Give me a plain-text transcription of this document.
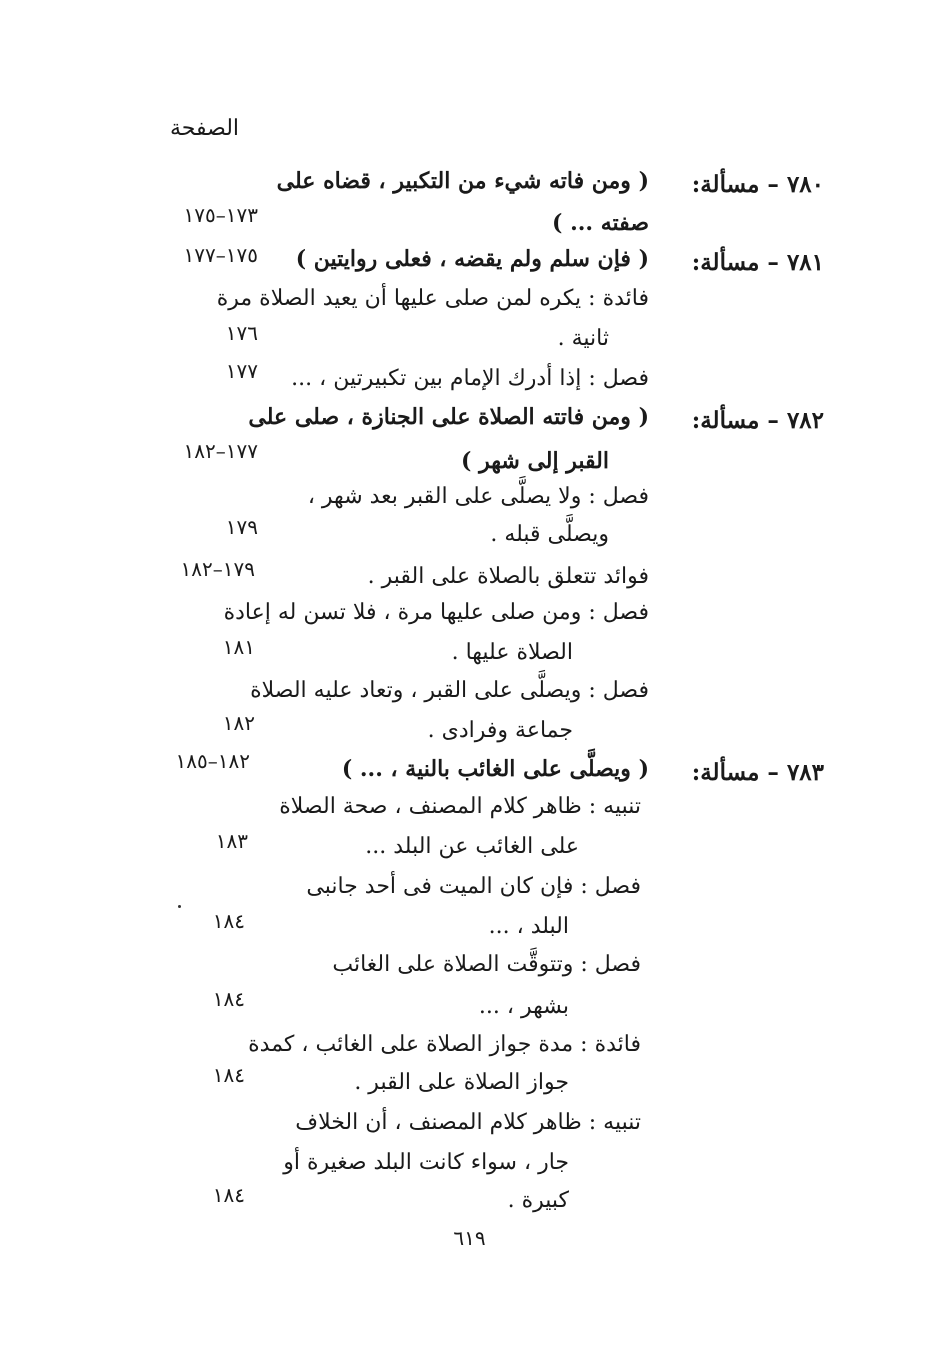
الصفحة
٧٨٠ – مسألة:
( ومن فاته شيء من التكبير ، قضاه على
صفته ... )
١٧٣–١٧٥
٧٨١ – مسألة:
( فإن سلم ولم يقضه ، فعلى روايتين )
١٧٥–١٧٧
فائدة : يكره لمن صلى عليها أن يعيد الصلاة مرة
ثانية .
١٧٦
فصل : إذا أدرك الإمام بين تكبيرتين ، ...
١٧٧
٧٨٢ – مسألة:
( ومن فاتته الصلاة على الجنازة ، صلى على
القبر إلى شهر )
١٧٧–١٨٢
فصل : ولا يصلَّى على القبر بعد شهر ،
ويصلَّى قبله .
١٧٩
فوائد تتعلق بالصلاة على القبر .
١٧٩–١٨٢
فصل : ومن صلى عليها مرة ، فلا تسن له إعادة
الصلاة عليها .
١٨١
فصل : ويصلَّى على القبر ، وتعاد عليه الصلاة
جماعة وفرادى .
١٨٢
٧٨٣ – مسألة:
( ويصلَّى على الغائب بالنية ، ... )
١٨٢–١٨٥
تنبيه : ظاهر كلام المصنف ، صحة الصلاة
على الغائب عن البلد ...
١٨٣
فصل : فإن كان الميت فى أحد جانبى
البلد ، ...
١٨٤
فصل : وتتوقَّت الصلاة على الغائب
بشهر ، ...
١٨٤
فائدة : مدة جواز الصلاة على الغائب ، كمدة
جواز الصلاة على القبر .
١٨٤
تنبيه : ظاهر كلام المصنف ، أن الخلاف
جار ، سواء كانت البلد صغيرة أو
كبيرة .
١٨٤
٦١٩
